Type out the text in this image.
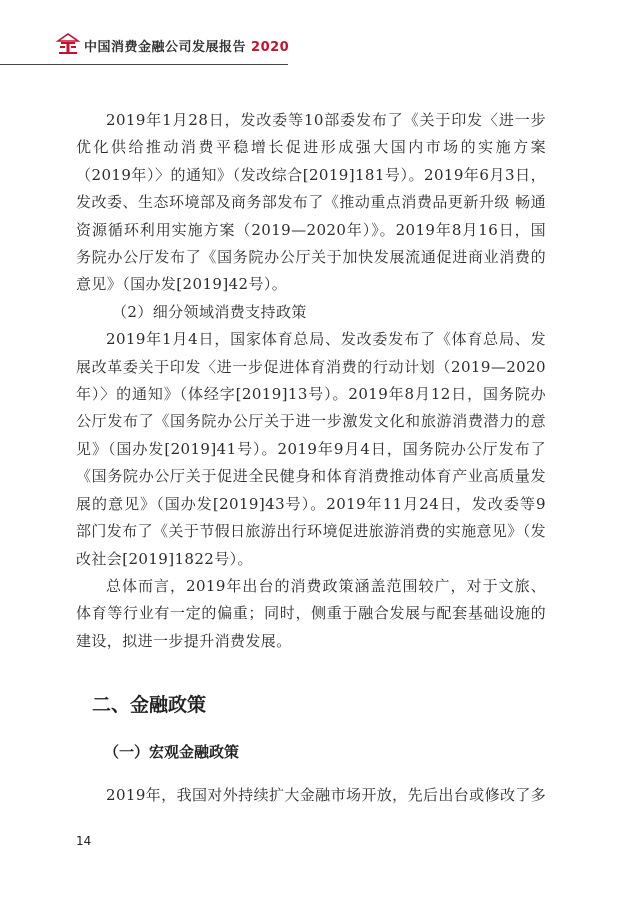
中国消费金融公司发展报告 2020

2019年1月28日，发改委等10部委发布了《关于印发〈进一步优化供给推动消费平稳增长促进形成强大国内市场的实施方案（2019年）〉的通知》（发改综合[2019]181号）。2019年6月3日，发改委、生态环境部及商务部发布了《推动重点消费品更新升级 畅通资源循环利用实施方案（2019—2020年）》。2019年8月16日，国务院办公厅发布了《国务院办公厅关于加快发展流通促进商业消费的意见》（国办发[2019]42号）。

（2）细分领域消费支持政策

2019年1月4日，国家体育总局、发改委发布了《体育总局、发展改革委关于印发〈进一步促进体育消费的行动计划（2019—2020年）〉的通知》（体经字[2019]13号）。2019年8月12日，国务院办公厅发布了《国务院办公厅关于进一步激发文化和旅游消费潜力的意见》（国办发[2019]41号）。2019年9月4日，国务院办公厅发布了《国务院办公厅关于促进全民健身和体育消费推动体育产业高质量发展的意见》（国办发[2019]43号）。2019年11月24日，发改委等9部门发布了《关于节假日旅游出行环境促进旅游消费的实施意见》（发改社会[2019]1822号）。

总体而言，2019年出台的消费政策涵盖范围较广，对于文旅、体育等行业有一定的偏重；同时，侧重于融合发展与配套基础设施的建设，拟进一步提升消费发展。

二、金融政策
（一）宏观金融政策

2019年，我国对外持续扩大金融市场开放，先后出台或修改了多

14
